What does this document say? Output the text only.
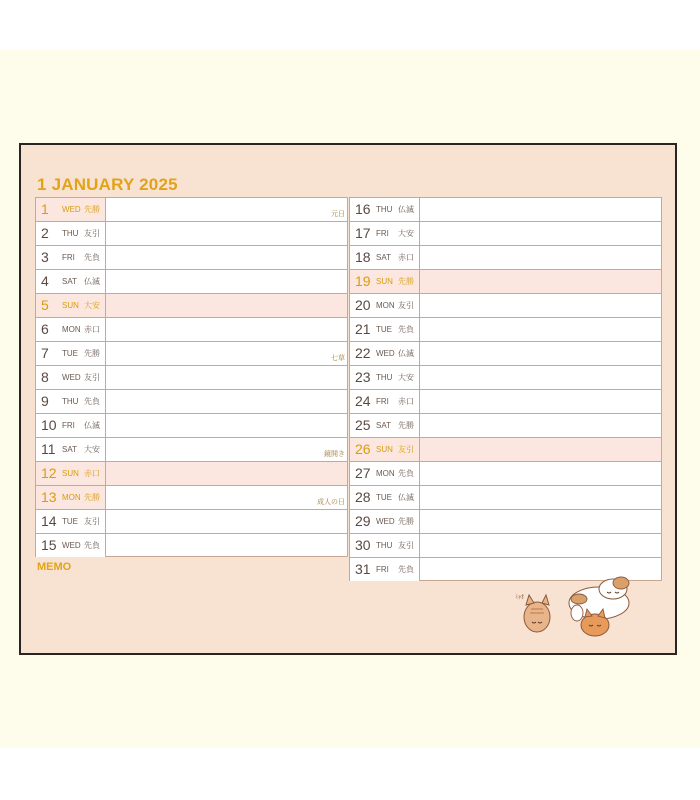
1 JANUARY 2025
1 WED 先勝
元日
2 THU 友引
3 FRI 先負
4 SAT 仏滅
5 SUN 大安
6 MON 赤口
7 TUE 先勝
七草
8 WED 友引
9 THU 先負
10 FRI 仏滅
11 SAT 大安
鏡開き
12 SUN 赤口
13 MON 先勝
成人の日
14 TUE 友引
15 WED 先負
16 THU 仏滅
17 FRI 大安
18 SAT 赤口
19 SUN 先勝
20 MON 友引
21 TUE 先負
22 WED 仏滅
23 THU 大安
24 FRI 赤口
25 SAT 先勝
26 SUN 友引
27 MON 先負
28 TUE 仏滅
29 WED 先勝
30 THU 友引
31 FRI 先負
MEMO
ﾐｬｵ
